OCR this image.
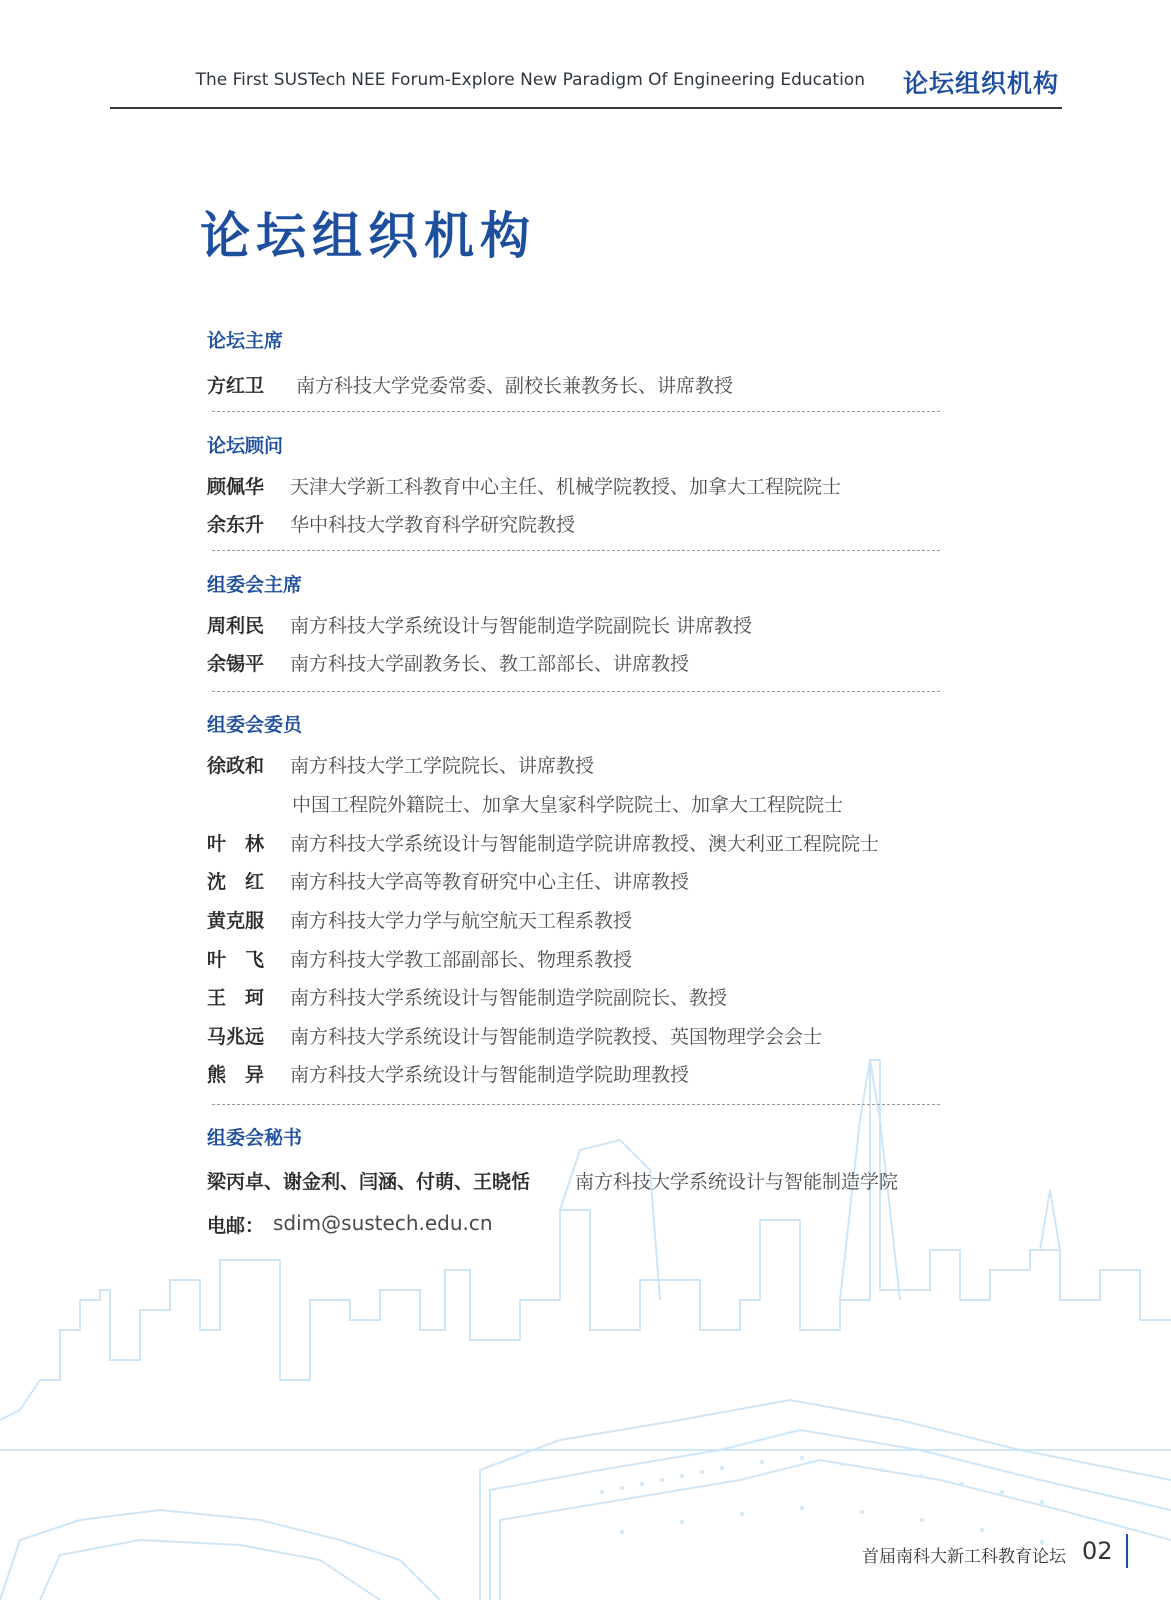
The First SUSTech NEE Forum-Explore New Paradigm Of Engineering Education 论坛组织机构
论坛组织机构
论坛主席
方红卫 南方科技大学党委常委、副校长兼教务长、讲席教授
论坛顾问
顾佩华 天津大学新工科教育中心主任、机械学院教授、加拿大工程院院士
余东升 华中科技大学教育科学研究院教授
组委会主席
周利民 南方科技大学系统设计与智能制造学院副院长 讲席教授
余锡平 南方科技大学副教务长、教工部部长、讲席教授
组委会委员
徐政和 南方科技大学工学院院长、讲席教授
中国工程院外籍院士、加拿大皇家科学院院士、加拿大工程院院士
叶　林 南方科技大学系统设计与智能制造学院讲席教授、澳大利亚工程院院士
沈　红 南方科技大学高等教育研究中心主任、讲席教授
黄克服 南方科技大学力学与航空航天工程系教授
叶　飞 南方科技大学教工部副部长、物理系教授
王　珂 南方科技大学系统设计与智能制造学院副院长、教授
马兆远 南方科技大学系统设计与智能制造学院教授、英国物理学会会士
熊　异 南方科技大学系统设计与智能制造学院助理教授
组委会秘书
梁丙卓、谢金利、闫涵、付萌、王晓恬 南方科技大学系统设计与智能制造学院
电邮： sdim@sustech.edu.cn
首届南科大新工科教育论坛 02
